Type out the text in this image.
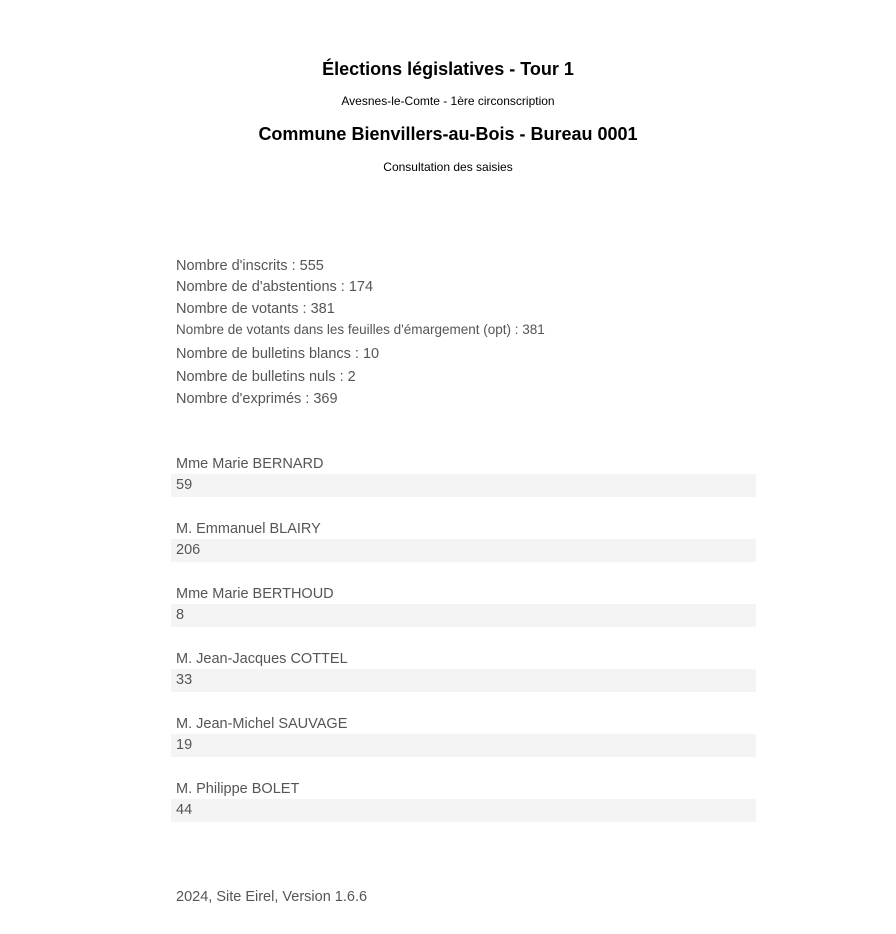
Élections législatives - Tour 1
Avesnes-le-Comte - 1ère circonscription
Commune Bienvillers-au-Bois - Bureau 0001
Consultation des saisies
Nombre d'inscrits : 555
Nombre de d'abstentions : 174
Nombre de votants : 381
Nombre de votants dans les feuilles d'émargement (opt) : 381
Nombre de bulletins blancs : 10
Nombre de bulletins nuls : 2
Nombre d'exprimés : 369
Mme Marie BERNARD
59
M. Emmanuel BLAIRY
206
Mme Marie BERTHOUD
8
M. Jean-Jacques COTTEL
33
M. Jean-Michel SAUVAGE
19
M. Philippe BOLET
44
2024, Site Eirel, Version 1.6.6
